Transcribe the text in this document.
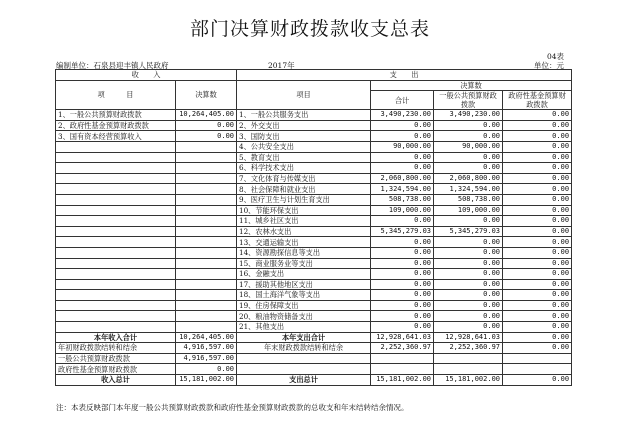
部门决算财政拨款收支总表
04表
编制单位：石泉县迎丰镇人民政府	2017年	单位：元
收　　入		支　　出			
项　　　目	决算数	项目	决算数		
			合计	一般公共预算财政拨款	政府性基金预算财政拨款

1、一般公共预算财政拨款	10,264,405.00	1、一般公共服务支出	3,490,230.00	3,490,230.00	0.00
2、政府性基金预算财政拨款	0.00	2、外交支出	0.00	0.00	0.00
3、国有资本经营预算收入	0.00	3、国防支出	0.00	0.00	0.00
		4、公共安全支出	90,000.00	90,000.00	0.00
		5、教育支出	0.00	0.00	0.00
		6、科学技术支出	0.00	0.00	0.00
		7、文化体育与传媒支出	2,060,800.00	2,060,800.00	0.00
		8、社会保障和就业支出	1,324,594.00	1,324,594.00	0.00
		9、医疗卫生与计划生育支出	508,738.00	508,738.00	0.00
		10、节能环保支出	109,000.00	109,000.00	0.00
		11、城乡社区支出	0.00	0.00	0.00
		12、农林水支出	5,345,279.03	5,345,279.03	0.00
		13、交通运输支出	0.00	0.00	0.00
		14、资源勘探信息等支出	0.00	0.00	0.00
		15、商业服务业等支出	0.00	0.00	0.00
		16、金融支出	0.00	0.00	0.00
		17、援助其他地区支出	0.00	0.00	0.00
		18、国土海洋气象等支出	0.00	0.00	0.00
		19、住房保障支出	0.00	0.00	0.00
		20、粮油物资储备支出	0.00	0.00	0.00
		21、其他支出	0.00	0.00	0.00
本年收入合计	10,264,405.00	本年支出合计	12,928,641.03	12,928,641.03	0.00
年初财政拨款结转和结余	4,916,597.00	年末财政拨款结转和结余	2,252,360.97	2,252,360.97	0.00
一般公共预算财政拨款	4,916,597.00				
政府性基金预算财政拨款	0.00				
收入总计	15,181,002.00	支出总计	15,181,002.00	15,181,002.00	0.00
注：本表反映部门本年度一般公共预算财政拨款和政府性基金预算财政拨款的总收支和年末结转结余情况。
